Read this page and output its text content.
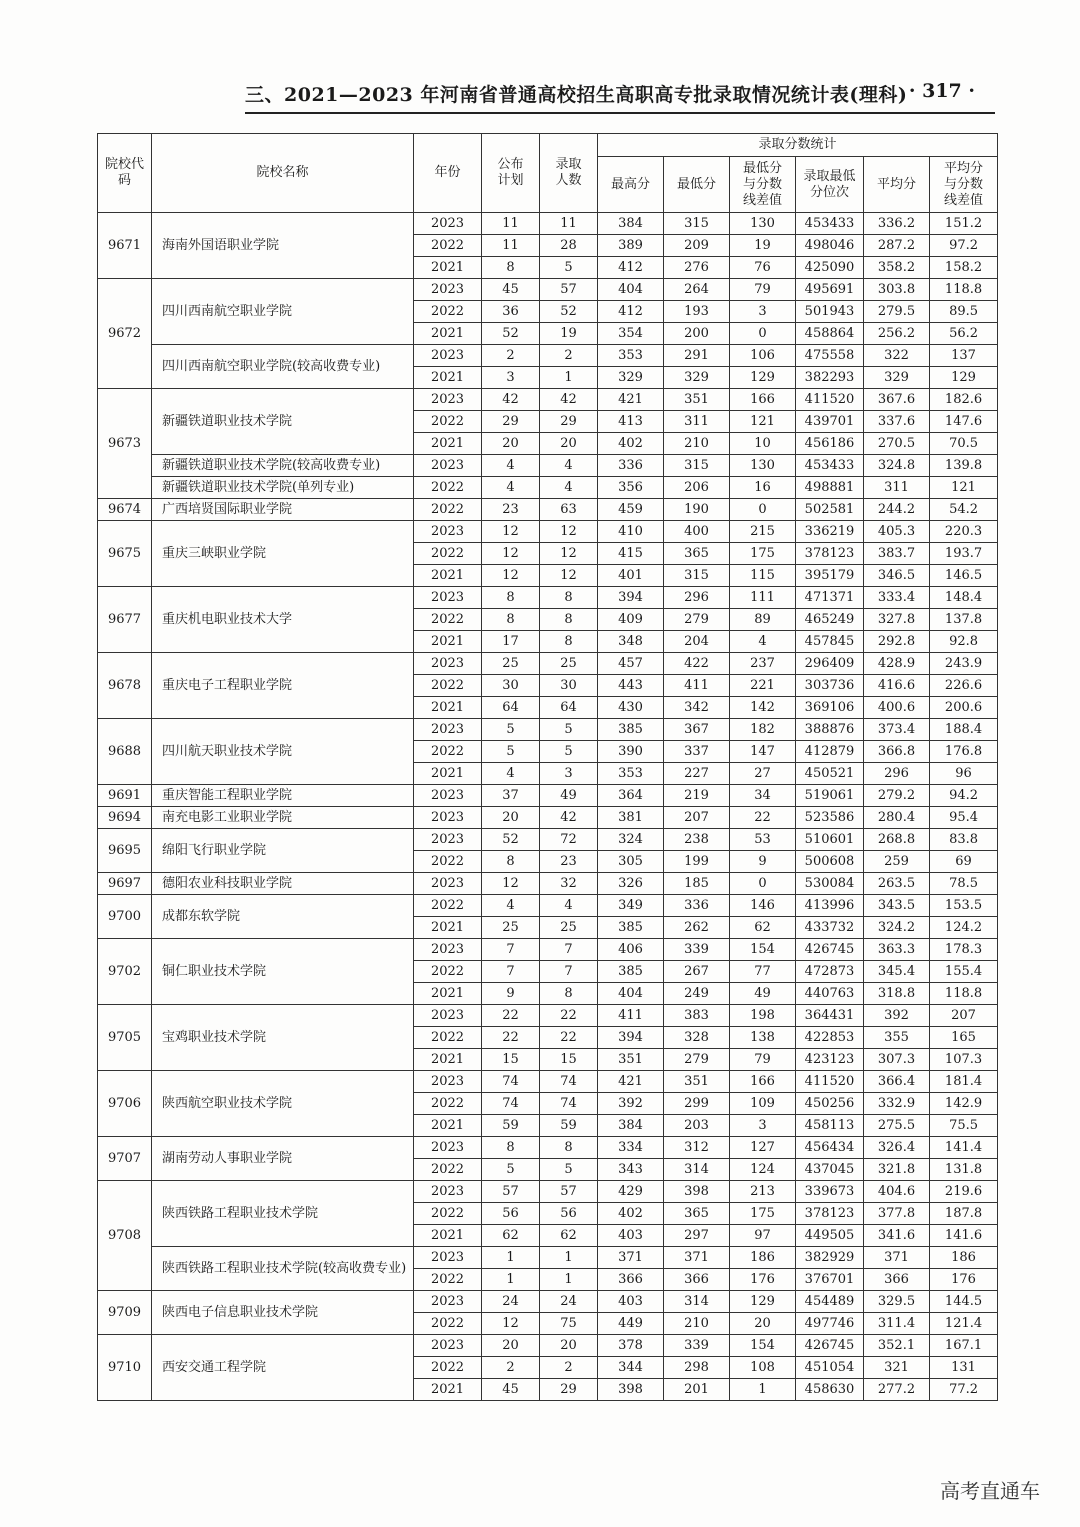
三、2021—2023 年河南省普通高校招生高职高专批录取情况统计表(理科) · 317 ·
院校代码	院校名称	年份	公布计划	录取人数	录取分数统计					
					最高分	最低分	最低分与分数线差值	录取最低分位次	平均分	平均分与分数线差值
9671	海南外国语职业学院	2023	11	11	384	315	130	453433	336.2	151.2
		2022	11	28	389	209	19	498046	287.2	97.2
		2021	8	5	412	276	76	425090	358.2	158.2
9672	四川西南航空职业学院	2023	45	57	404	264	79	495691	303.8	118.8
		2022	36	52	412	193	3	501943	279.5	89.5
		2021	52	19	354	200	0	458864	256.2	56.2
	四川西南航空职业学院(较高收费专业)	2023	2	2	353	291	106	475558	322	137
		2021	3	1	329	329	129	382293	329	129
9673	新疆铁道职业技术学院	2023	42	42	421	351	166	411520	367.6	182.6
		2022	29	29	413	311	121	439701	337.6	147.6
		2021	20	20	402	210	10	456186	270.5	70.5
	新疆铁道职业技术学院(较高收费专业)	2023	4	4	336	315	130	453433	324.8	139.8
	新疆铁道职业技术学院(单列专业)	2022	4	4	356	206	16	498881	311	121
9674	广西培贤国际职业学院	2022	23	63	459	190	0	502581	244.2	54.2
9675	重庆三峡职业学院	2023	12	12	410	400	215	336219	405.3	220.3
		2022	12	12	415	365	175	378123	383.7	193.7
		2021	12	12	401	315	115	395179	346.5	146.5
9677	重庆机电职业技术大学	2023	8	8	394	296	111	471371	333.4	148.4
		2022	8	8	409	279	89	465249	327.8	137.8
		2021	17	8	348	204	4	457845	292.8	92.8
9678	重庆电子工程职业学院	2023	25	25	457	422	237	296409	428.9	243.9
		2022	30	30	443	411	221	303736	416.6	226.6
		2021	64	64	430	342	142	369106	400.6	200.6
9688	四川航天职业技术学院	2023	5	5	385	367	182	388876	373.4	188.4
		2022	5	5	390	337	147	412879	366.8	176.8
		2021	4	3	353	227	27	450521	296	96
9691	重庆智能工程职业学院	2023	37	49	364	219	34	519061	279.2	94.2
9694	南充电影工业职业学院	2023	20	42	381	207	22	523586	280.4	95.4
9695	绵阳飞行职业学院	2023	52	72	324	238	53	510601	268.8	83.8
		2022	8	23	305	199	9	500608	259	69
9697	德阳农业科技职业学院	2023	12	32	326	185	0	530084	263.5	78.5
9700	成都东软学院	2022	4	4	349	336	146	413996	343.5	153.5
		2021	25	25	385	262	62	433732	324.2	124.2
9702	铜仁职业技术学院	2023	7	7	406	339	154	426745	363.3	178.3
		2022	7	7	385	267	77	472873	345.4	155.4
		2021	9	8	404	249	49	440763	318.8	118.8
9705	宝鸡职业技术学院	2023	22	22	411	383	198	364431	392	207
		2022	22	22	394	328	138	422853	355	165
		2021	15	15	351	279	79	423123	307.3	107.3
9706	陕西航空职业技术学院	2023	74	74	421	351	166	411520	366.4	181.4
		2022	74	74	392	299	109	450256	332.9	142.9
		2021	59	59	384	203	3	458113	275.5	75.5
9707	湖南劳动人事职业学院	2023	8	8	334	312	127	456434	326.4	141.4
		2022	5	5	343	314	124	437045	321.8	131.8
9708	陕西铁路工程职业技术学院	2023	57	57	429	398	213	339673	404.6	219.6
		2022	56	56	402	365	175	378123	377.8	187.8
		2021	62	62	403	297	97	449505	341.6	141.6
	陕西铁路工程职业技术学院(较高收费专业)	2023	1	1	371	371	186	382929	371	186
		2022	1	1	366	366	176	376701	366	176
9709	陕西电子信息职业技术学院	2023	24	24	403	314	129	454489	329.5	144.5
		2022	12	75	449	210	20	497746	311.4	121.4
9710	西安交通工程学院	2023	20	20	378	339	154	426745	352.1	167.1
		2022	2	2	344	298	108	451054	321	131
		2021	45	29	398	201	1	458630	277.2	77.2
高考直通车
